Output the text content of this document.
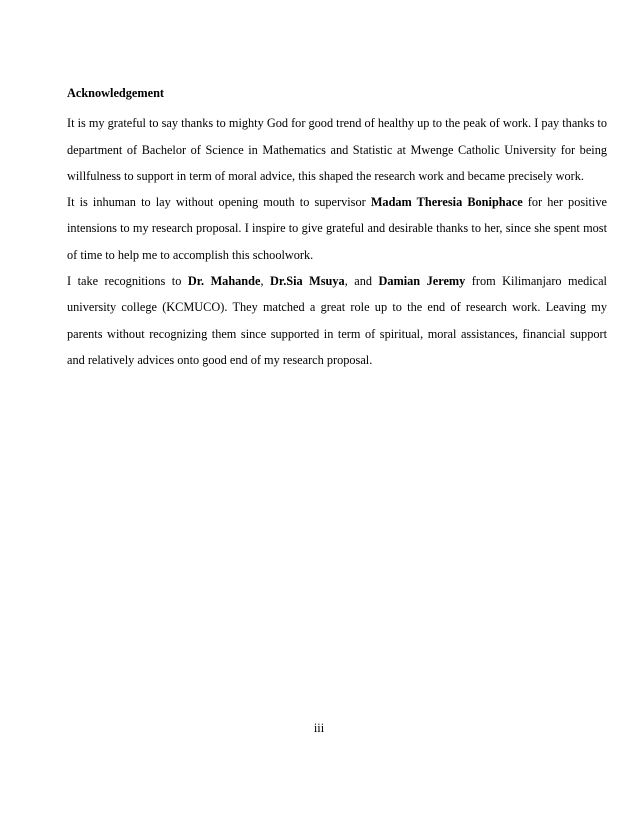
Acknowledgement

It is my grateful to say thanks to mighty God for good trend of healthy up to the peak of work. I pay thanks to department of Bachelor of Science in Mathematics and Statistic at Mwenge Catholic University for being willfulness to support in term of moral advice, this shaped the research work and became precisely work.

It is inhuman to lay without opening mouth to supervisor Madam Theresia Boniphace for her positive intensions to my research proposal. I inspire to give grateful and desirable thanks to her, since she spent most of time to help me to accomplish this schoolwork.

I take recognitions to Dr. Mahande, Dr.Sia Msuya, and Damian Jeremy from Kilimanjaro medical university college (KCMUCO). They matched a great role up to the end of research work. Leaving my parents without recognizing them since supported in term of spiritual, moral assistances, financial support and relatively advices onto good end of my research proposal.

iii
